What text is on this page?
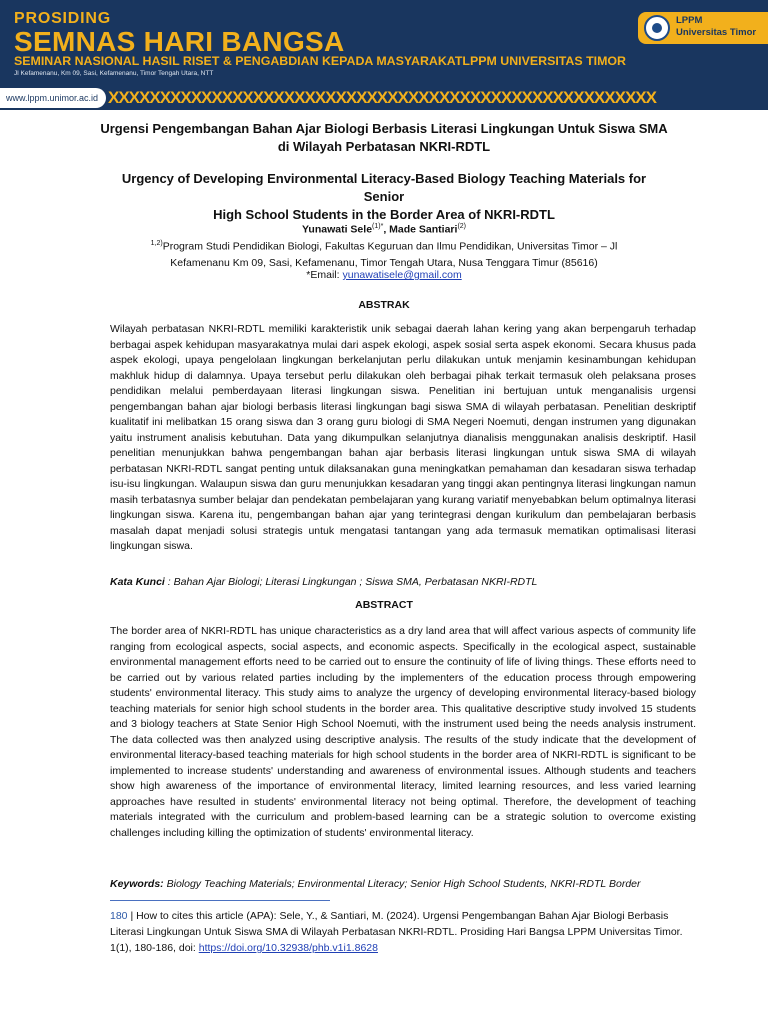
PROSIDING
SEMNAS HARI BANGSA
SEMINAR NASIONAL HASIL RISET & PENGABDIAN KEPADA MASYARAKATLPPM UNIVERSITAS TIMOR
Jl Kefamenanu, Km 09, Sasi, Kefamenanu, Timor Tengah Utara, NTT
LPPM
Universitas Timor
www.lppm.unimor.ac.id XXXXXXXXXXXXXXXXXXXXXXXXXXXXXXXXXXXXXXXXXXXXXXXXXXXXX
Urgensi Pengembangan Bahan Ajar Biologi Berbasis Literasi Lingkungan Untuk Siswa SMA
di Wilayah Perbatasan NKRI-RDTL
Urgency of Developing Environmental Literacy-Based Biology Teaching Materials for Senior
High School Students in the Border Area of NKRI-RDTL
Yunawati Sele$^{(1)*}$, Made Santiari$^{(2)}$
$^{1,2)}$Program Studi Pendidikan Biologi, Fakultas Keguruan dan Ilmu Pendidikan, Universitas Timor – Jl Kefamenanu Km 09, Sasi, Kefamenanu, Timor Tengah Utara, Nusa Tenggara Timur (85616)
*Email: yunawatisele@gmail.com
ABSTRAK
Wilayah perbatasan NKRI-RDTL memiliki karakteristik unik sebagai daerah lahan kering yang akan berpengaruh terhadap berbagai aspek kehidupan masyarakatnya mulai dari aspek ekologi, aspek sosial serta aspek ekonomi. Secara khusus pada aspek ekologi, upaya pengelolaan lingkungan berkelanjutan perlu dilakukan untuk menjamin kesinambungan kehidupan makhluk hidup di dalamnya. Upaya tersebut perlu dilakukan oleh berbagai pihak terkait termasuk oleh pelaksana proses pendidikan melalui pemberdayaan literasi lingkungan siswa. Penelitian ini bertujuan untuk menganalisis urgensi pengembangan bahan ajar biologi berbasis literasi lingkungan bagi siswa SMA di wilayah perbatasan. Penelitian deskriptif kualitatif ini melibatkan 15 orang siswa dan 3 orang guru biologi di SMA Negeri Noemuti, dengan instrumen yang digunakan yaitu instrument analisis kebutuhan. Data yang dikumpulkan selanjutnya dianalisis menggunakan analisis deskriptif. Hasil penelitian menunjukkan bahwa pengembangan bahan ajar berbasis literasi lingkungan untuk siswa SMA di wilayah perbatasan NKRI-RDTL sangat penting untuk dilaksanakan guna meningkatkan pemahaman dan kesadaran siswa terhadap isu-isu lingkungan. Walaupun siswa dan guru menunjukkan kesadaran yang tinggi akan pentingnya literasi lingkungan namun masih terbatasnya sumber belajar dan pendekatan pembelajaran yang kurang variatif menyebabkan belum optimalnya literasi lingkungan siswa. Karena itu, pengembangan bahan ajar yang terintegrasi dengan kurikulum dan pembelajaran berbasis masalah dapat menjadi solusi strategis untuk mengatasi tantangan yang ada termasuk mematikan optimalisasi literasi lingkungan siswa.
Kata Kunci : Bahan Ajar Biologi; Literasi Lingkungan ; Siswa SMA, Perbatasan NKRI-RDTL
ABSTRACT
The border area of NKRI-RDTL has unique characteristics as a dry land area that will affect various aspects of community life ranging from ecological aspects, social aspects, and economic aspects. Specifically in the ecological aspect, sustainable environmental management efforts need to be carried out to ensure the continuity of life of living things. These efforts need to be carried out by various related parties including by the implementers of the education process through empowering students' environmental literacy. This study aims to analyze the urgency of developing environmental literacy-based biology teaching materials for senior high school students in the border area. This qualitative descriptive study involved 15 students and 3 biology teachers at State Senior High School Noemuti, with the instrument used being the needs analysis instrument. The data collected was then analyzed using descriptive analysis. The results of the study indicate that the development of environmental literacy-based teaching materials for high school students in the border area of NKRI-RDTL is significant to be implemented to increase students' understanding and awareness of environmental issues. Although students and teachers show high awareness of the importance of environmental literacy, limited learning resources, and less varied learning approaches have resulted in students' environmental literacy not being optimal. Therefore, the development of teaching materials integrated with the curriculum and problem-based learning can be a strategic solution to overcome existing challenges including killing the optimization of students' environmental literacy.
Keywords: Biology Teaching Materials; Environmental Literacy; Senior High School Students, NKRI-RDTL Border
180 | How to cites this article (APA): Sele, Y., & Santiari, M. (2024). Urgensi Pengembangan Bahan Ajar Biologi Berbasis Literasi Lingkungan Untuk Siswa SMA di Wilayah Perbatasan NKRI-RDTL. Prosiding Hari Bangsa LPPM Universitas Timor. 1(1), 180-186, doi: https://doi.org/10.32938/phb.v1i1.8628
